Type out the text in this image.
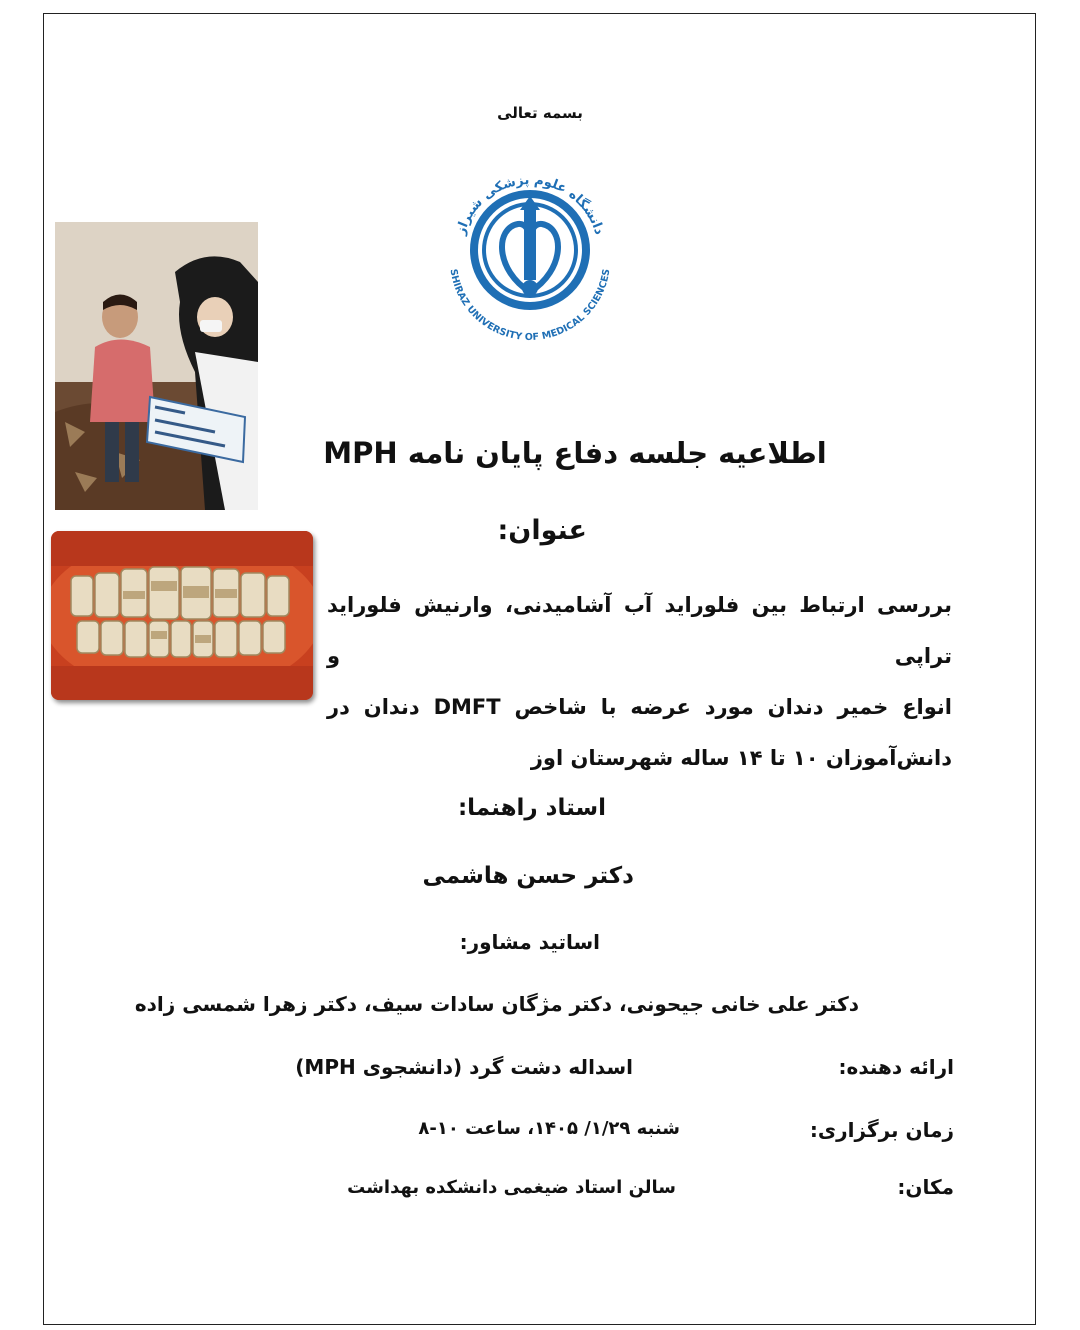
بسمه تعالی
دانشگاه علوم پزشکی شیراز
SHIRAZ UNIVERSITY OF MEDICAL SCIENCES
اطلاعیه جلسه دفاع پایان نامه MPH
عنوان:
بررسی ارتباط بین فلوراید آب آشامیدنی، وارنیش فلوراید تراپی و
انواع خمیر دندان مورد عرضه با شاخص DMFT دندان در
دانش‌آموزان ۱۰ تا ۱۴ ساله شهرستان اوز
استاد راهنما:
دکتر حسن هاشمی
اساتید مشاور:
دکتر علی خانی جیحونی، دکتر مژگان سادات سیف، دکتر زهرا شمسی زاده
ارائه دهنده:
اسداله دشت گرد (دانشجوی MPH)
زمان برگزاری:
شنبه ۱/۲۹/ ۱۴۰۵، ساعت ۱۰-۸
مکان:
سالن استاد ضیغمی دانشکده بهداشت
